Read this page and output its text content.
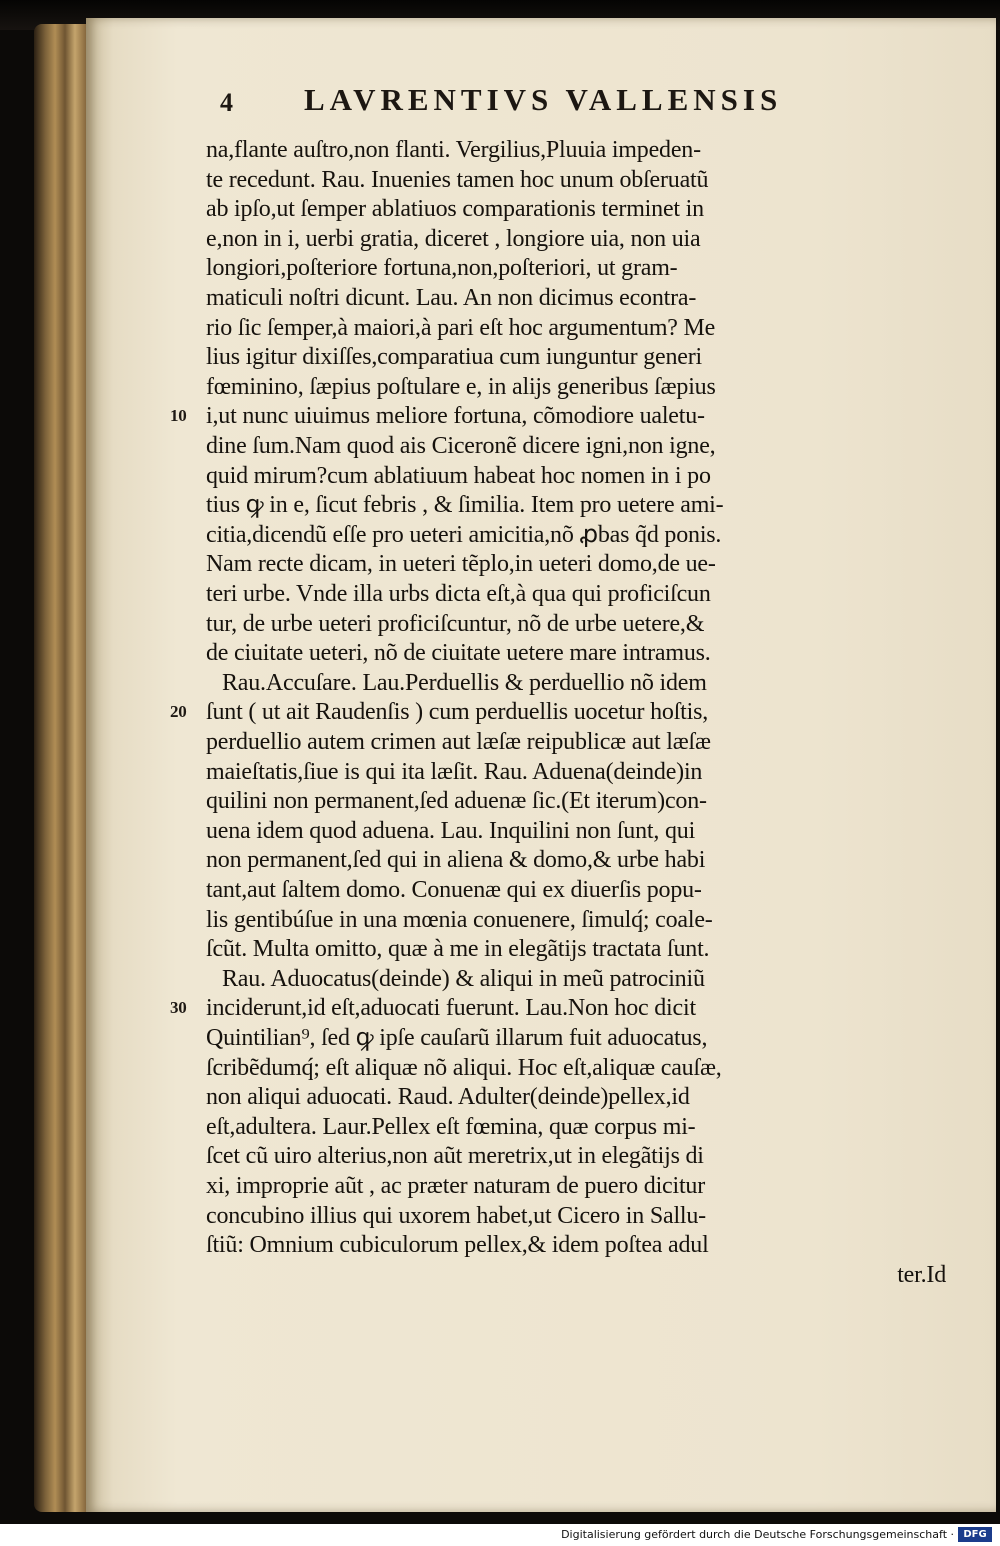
4 LAVRENTIVS VALLENSIS
na,flante auſtro,non flanti. Vergilius,Pluuia impeden-
te recedunt. Rau. Inuenies tamen hoc unum obſeruatũ
ab ipſo,ut ſemper ablatiuos comparationis terminet in
e,non in i, uerbi gratia, diceret , longiore uia, non uia
longiori,poſteriore fortuna,non,poſteriori, ut gram-
maticuli noſtri dicunt. Lau. An non dicimus econtra-
rio ſic ſemper,à maiori,à pari eſt hoc argumentum? Me
lius igitur dixiſſes,comparatiua cum iunguntur generi
fœminino, ſæpius poſtulare e, in alijs generibus ſæpius
i,ut nunc uiuimus meliore fortuna, cõmodiore ualetu-
10
dine ſum.Nam quod ais Ciceronẽ dicere igni,non igne,
quid mirum?cum ablatiuum habeat hoc nomen in i po
tius ꝙ in e, ſicut febris , & ſimilia. Item pro uetere ami-
citia,dicendũ eſſe pro ueteri amicitia,nõ ꝓbas q̃d ponis.
Nam recte dicam, in ueteri tẽplo,in ueteri domo,de ue-
teri urbe. Vnde illa urbs dicta eſt,à qua qui proficiſcun
tur, de urbe ueteri proficiſcuntur, nõ de urbe uetere,&
de ciuitate ueteri, nõ de ciuitate uetere mare intramus.
Rau.Accuſare. Lau.Perduellis & perduellio nõ idem
ſunt ( ut ait Raudenſis ) cum perduellis uocetur hoſtis,
20
perduellio autem crimen aut læſæ reipublicæ aut læſæ
maieſtatis,ſiue is qui ita læſit. Rau. Aduena(deinde)in
quilini non permanent,ſed aduenæ ſic.(Et iterum)con-
uena idem quod aduena. Lau. Inquilini non ſunt, qui
non permanent,ſed qui in aliena & domo,& urbe habi
tant,aut ſaltem domo. Conuenæ qui ex diuerſis popu-
lis gentibúſue in una mœnia conuenere, ſimulq́; coale-
ſcũt. Multa omitto, quæ à me in elegãtijs tractata ſunt.
Rau. Aduocatus(deinde) & aliqui in meũ patrociniũ
inciderunt,id eſt,aduocati fuerunt. Lau.Non hoc dicit
30
Quintilian⁹, ſed ꝙ ipſe cauſarũ illarum fuit aduocatus,
ſcribẽdumq́; eſt aliquæ nõ aliqui. Hoc eſt,aliquæ cauſæ,
non aliqui aduocati. Raud. Adulter(deinde)pellex,id
eſt,adultera. Laur.Pellex eſt fœmina, quæ corpus mi-
ſcet cũ uiro alterius,non aũt meretrix,ut in elegãtijs di
xi, improprie aũt , ac præter naturam de puero dicitur
concubino illius qui uxorem habet,ut Cicero in Sallu-
ſtiũ: Omnium cubiculorum pellex,& idem poſtea adul
ter.Id
Digitalisierung gefördert durch die Deutsche Forschungsgemeinschaft · DFG
